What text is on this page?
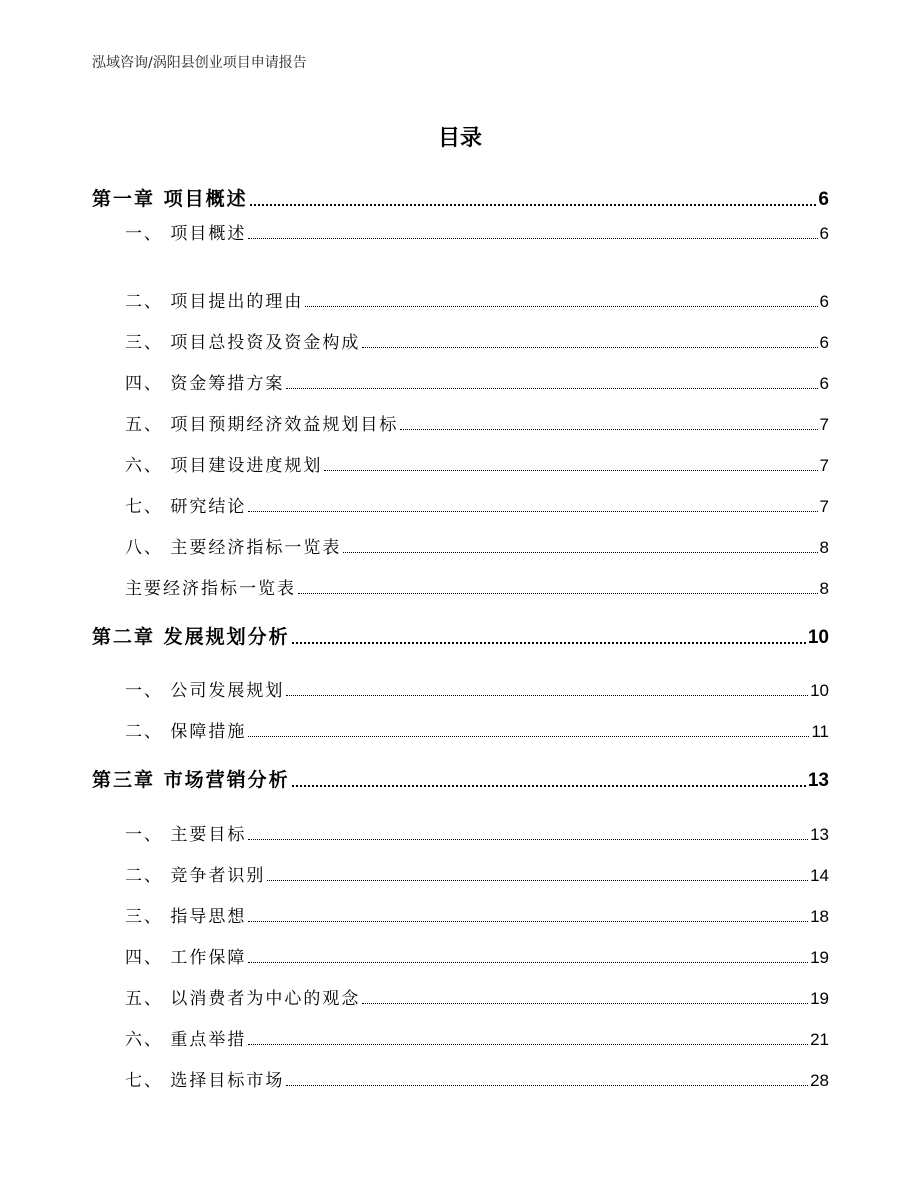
泓域咨询/涡阳县创业项目申请报告
目录
第一章 项目概述	6
一、 项目概述	6
二、 项目提出的理由	6
三、 项目总投资及资金构成	6
四、 资金筹措方案	6
五、 项目预期经济效益规划目标	7
六、 项目建设进度规划	7
七、 研究结论	7
八、 主要经济指标一览表	8
主要经济指标一览表	8
第二章 发展规划分析	10
一、 公司发展规划	10
二、 保障措施	11
第三章 市场营销分析	13
一、 主要目标	13
二、 竞争者识别	14
三、 指导思想	18
四、 工作保障	19
五、 以消费者为中心的观念	19
六、 重点举措	21
七、 选择目标市场	28
